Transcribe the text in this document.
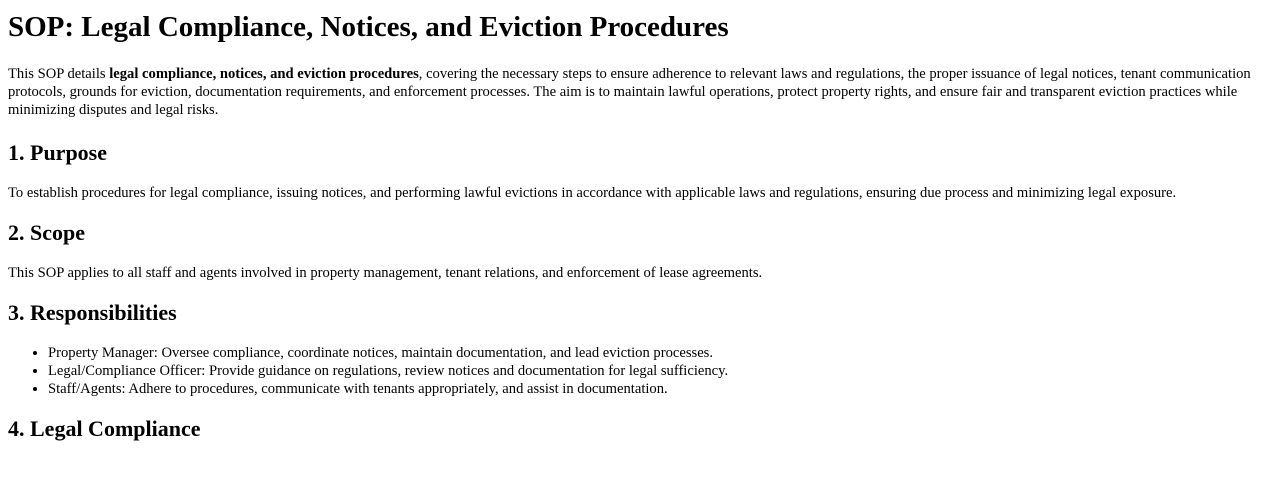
SOP: Legal Compliance, Notices, and Eviction Procedures

This SOP details legal compliance, notices, and eviction procedures, covering the necessary steps to ensure adherence to relevant laws and regulations, the proper issuance of legal notices, tenant communication protocols, grounds for eviction, documentation requirements, and enforcement processes. The aim is to maintain lawful operations, protect property rights, and ensure fair and transparent eviction practices while minimizing disputes and legal risks.

1. Purpose

To establish procedures for legal compliance, issuing notices, and performing lawful evictions in accordance with applicable laws and regulations, ensuring due process and minimizing legal exposure.

2. Scope

This SOP applies to all staff and agents involved in property management, tenant relations, and enforcement of lease agreements.

3. Responsibilities
• Property Manager: Oversee compliance, coordinate notices, maintain documentation, and lead eviction processes.
• Legal/Compliance Officer: Provide guidance on regulations, review notices and documentation for legal sufficiency.
• Staff/Agents: Adhere to procedures, communicate with tenants appropriately, and assist in documentation.
4. Legal Compliance
